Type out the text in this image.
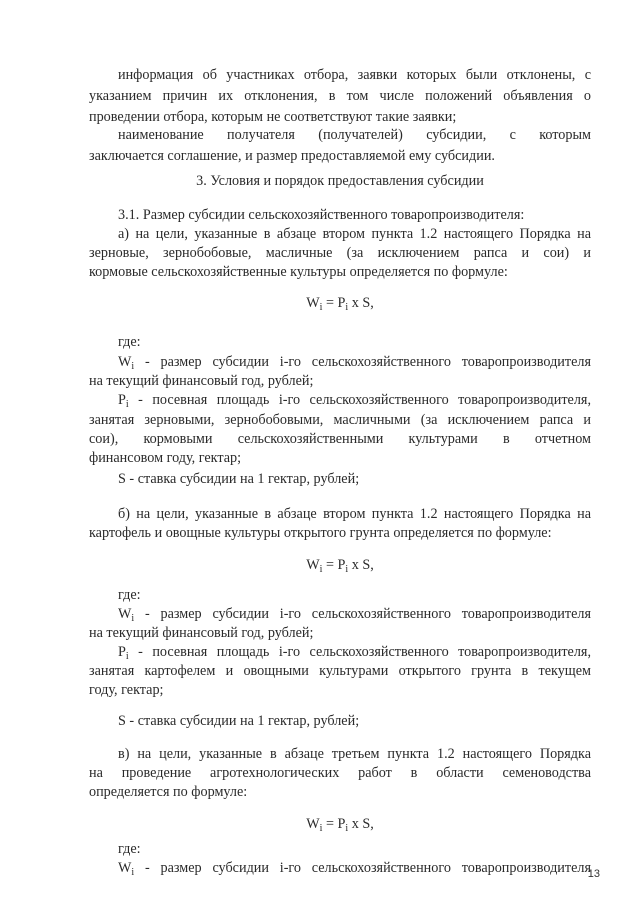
13
информация об участниках отбора, заявки которых были отклонены, с
указанием причин их отклонения, в том числе положений объявления о
проведении отбора, которым не соответствуют такие заявки;
наименование получателя (получателей) субсидии, с которым
заключается соглашение, и размер предоставляемой ему субсидии.
3. Условия и порядок предоставления субсидии
3.1. Размер субсидии сельскохозяйственного товаропроизводителя:
а) на цели, указанные в абзаце втором пункта 1.2 настоящего Порядка на
зерновые, зернобобовые, масличные (за исключением рапса и сои) и
кормовые сельскохозяйственные культуры определяется по формуле:
$W_i = P_i$ x S,
где:
$W_i$ - размер субсидии i-го сельскохозяйственного товаропроизводителя
на текущий финансовый год, рублей;
$P_i$ - посевная площадь i-го сельскохозяйственного товаропроизводителя,
занятая зерновыми, зернобобовыми, масличными (за исключением рапса и
сои), кормовыми сельскохозяйственными культурами в отчетном
финансовом году, гектар;
S - ставка субсидии на 1 гектар, рублей;
б) на цели, указанные в абзаце втором пункта 1.2 настоящего Порядка на
картофель и овощные культуры открытого грунта определяется по формуле:
$W_i = P_i$ x S,
где:
$W_i$ - размер субсидии i-го сельскохозяйственного товаропроизводителя
на текущий финансовый год, рублей;
$P_i$ - посевная площадь i-го сельскохозяйственного товаропроизводителя,
занятая картофелем и овощными культурами открытого грунта в текущем
году, гектар;
S - ставка субсидии на 1 гектар, рублей;
в) на цели, указанные в абзаце третьем пункта 1.2 настоящего Порядка
на проведение агротехнологических работ в области семеноводства
определяется по формуле:
$W_i = P_i$ x S,
где:
$W_i$ - размер субсидии i-го сельскохозяйственного товаропроизводителя
